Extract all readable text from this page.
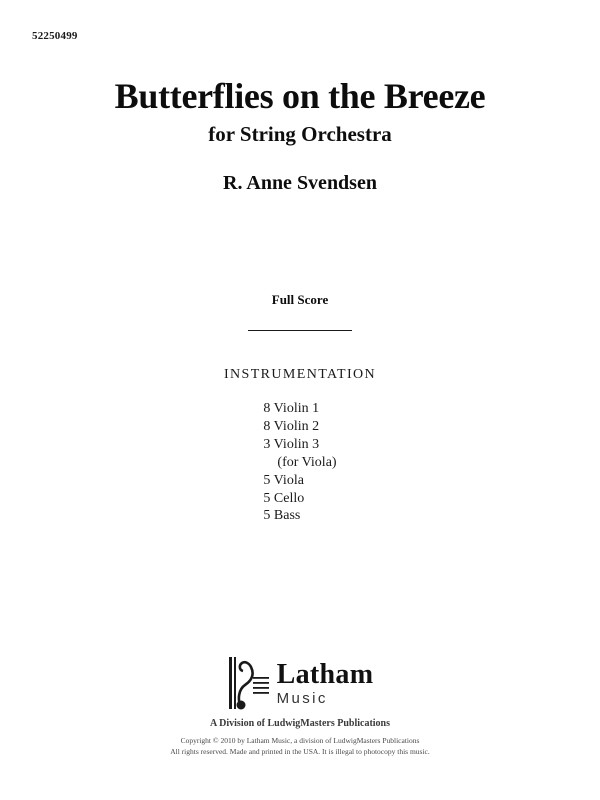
52250499
Butterflies on the Breeze
for String Orchestra
R. Anne Svendsen
Full Score
INSTRUMENTATION
8 Violin 1
8 Violin 2
3 Violin 3
(for Viola)
5 Viola
5 Cello
5 Bass
Latham
Music
A Division of LudwigMasters Publications
Copyright © 2010 by Latham Music, a division of LudwigMasters Publications
All rights reserved. Made and printed in the USA. It is illegal to photocopy this music.
